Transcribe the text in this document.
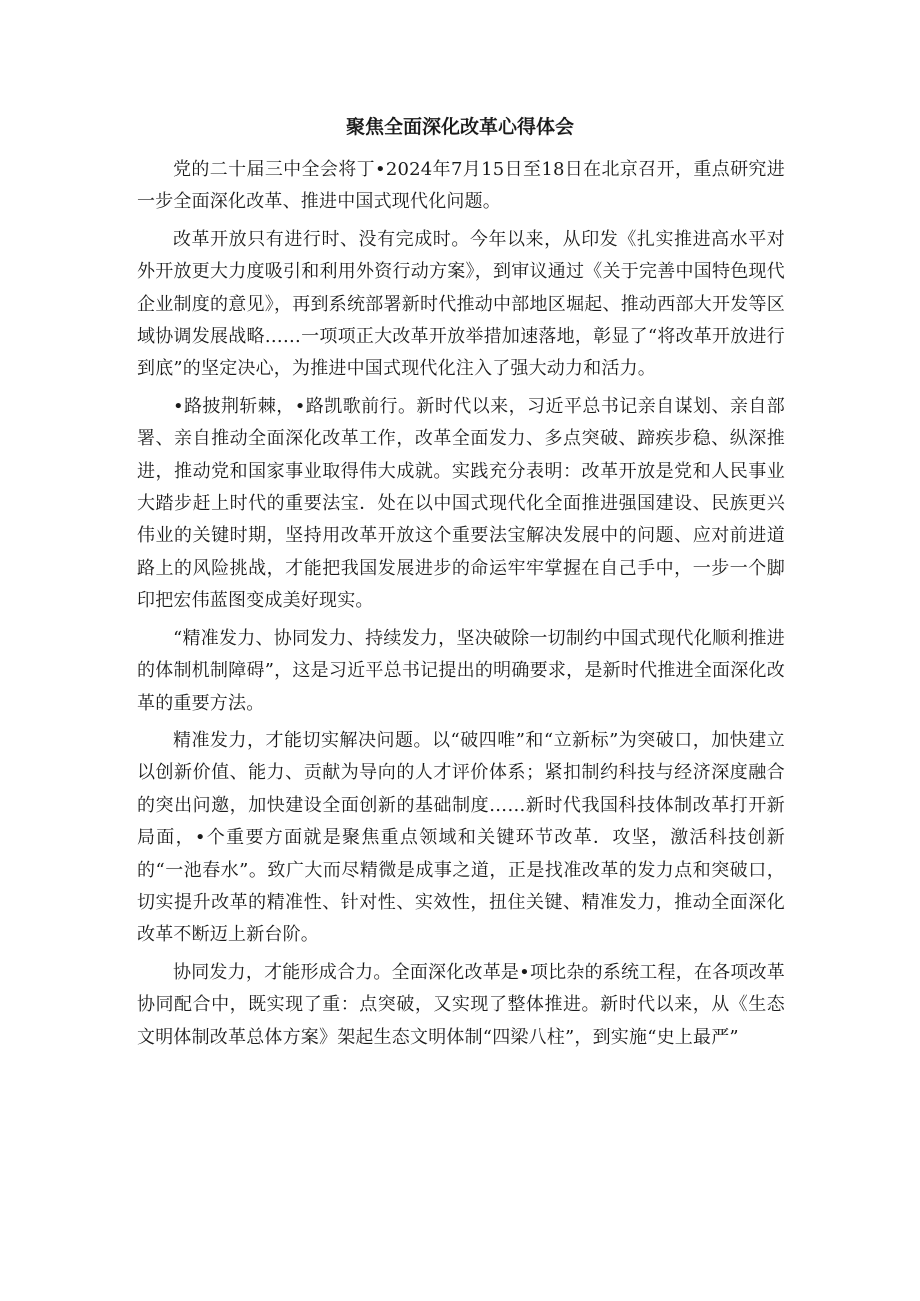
聚焦全面深化改革心得体会

党的二十届三中全会将丁•2024年7月15日至18日在北京召开，重点研究进一步全面深化改革、推进中国式现代化问题。

改革开放只有进行时、没有完成时。今年以来，从印发《扎实推进高水平对外开放更大力度吸引和利用外资行动方案》，到审议通过《关于完善中国特色现代企业制度的意见》，再到系统部署新时代推动中部地区堀起、推动西部大开发等区域协调发展战略……一项项正大改革开放举措加速落地，彰显了“将改革开放进行到底”的坚定决心，为推进中国式现代化注入了强大动力和活力。

•路披荆斩棘，•路凯歌前行。新时代以来，习近平总书记亲自谋划、亲自部署、亲自推动全面深化改革工作，改革全面发力、多点突破、蹄疾步稳、纵深推进，推动党和国家事业取得伟大成就。实践充分表明：改革开放是党和人民事业大踏步赶上时代的重要法宝．处在以中国式现代化全面推进强国建设、民族更兴伟业的关键时期，坚持用改革开放这个重要法宝解决发展中的问题、应对前进道路上的风险挑战，才能把我国发展进步的命运牢牢掌握在自己手中，一步一个脚印把宏伟蓝图变成美好现实。

“精准发力、协同发力、持续发力，坚决破除一切制约中国式现代化顺利推进的体制机制障碍”，这是习近平总书记提出的明确要求，是新时代推进全面深化改革的重要方法。

精准发力，才能切实解决问题。以“破四唯”和“立新标”为突破口，加快建立以创新价值、能力、贡献为导向的人才评价体系；紧扣制约科技与经济深度融合的突出问邀，加快建设全面创新的基础制度……新时代我国科技体制改革打开新局面，•个重要方面就是聚焦重点领域和关键环节改革．攻坚，激活科技创新的“一池春水”。致广大而尽精微是成事之道，正是找准改革的发力点和突破口，切实提升改革的精准性、针对性、实效性，扭住关键、精准发力，推动全面深化改革不断迈上新台阶。

协同发力，才能形成合力。全面深化改革是•项比杂的系统工程，在各项改革协同配合中，既实现了重：点突破，又实现了整体推进。新时代以来，从《生态文明体制改革总体方案》架起生态文明体制“四梁八柱”，到实施“史上最严”
